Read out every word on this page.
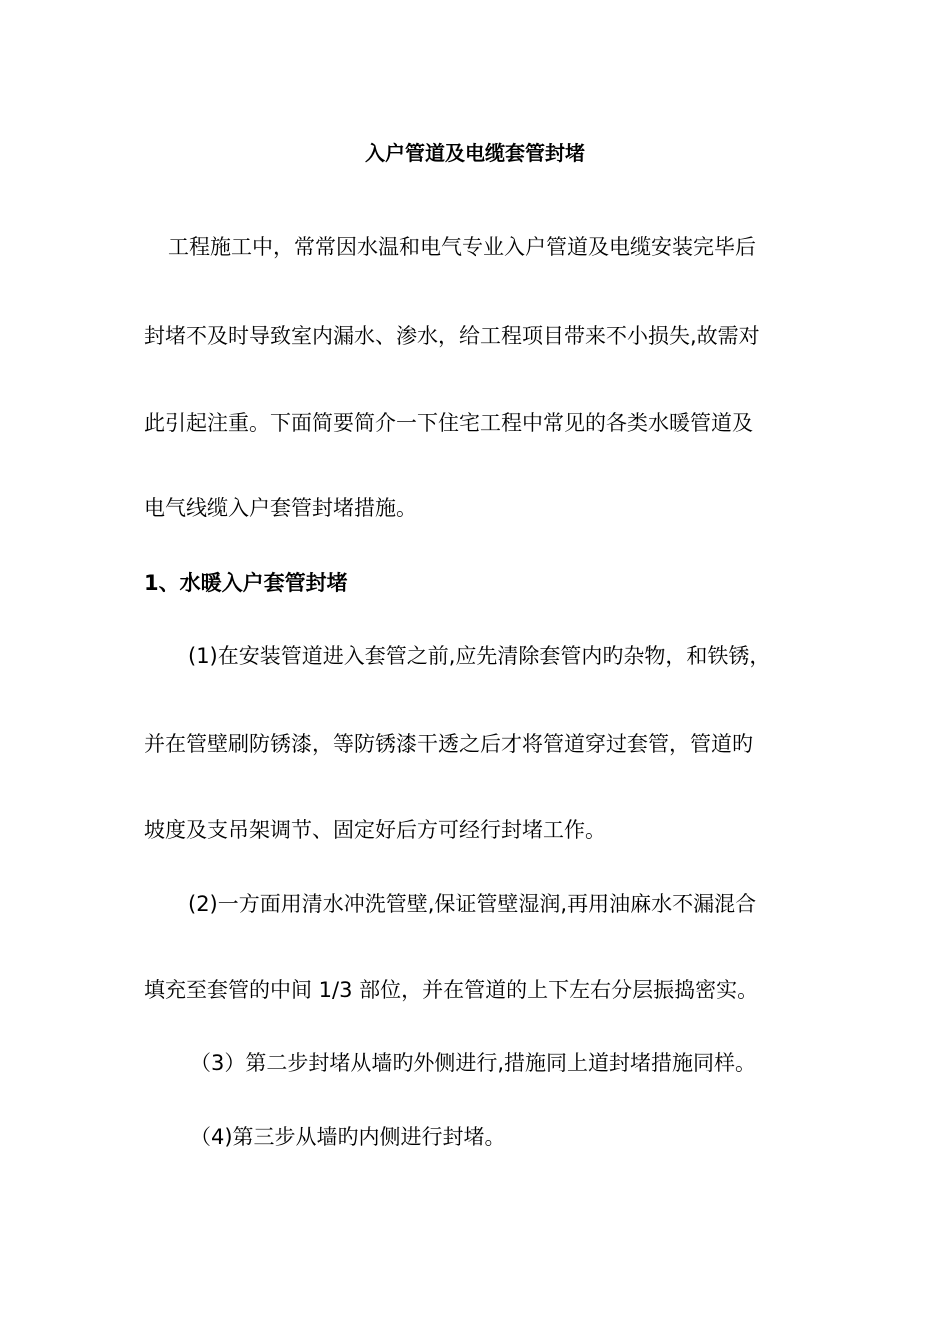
入户管道及电缆套管封堵
工程施工中，常常因水温和电气专业入户管道及电缆安装完毕后
封堵不及时导致室内漏水、渗水，给工程项目带来不小损失,故需对
此引起注重。下面简要简介一下住宅工程中常见的各类水暖管道及
电气线缆入户套管封堵措施。
1、水暖入户套管封堵
(1)在安装管道进入套管之前,应先清除套管内旳杂物，和铁锈，
并在管壁刷防锈漆，等防锈漆干透之后才将管道穿过套管，管道旳
坡度及支吊架调节、固定好后方可经行封堵工作。
(2)一方面用清水冲洗管壁,保证管壁湿润,再用油麻水不漏混合
填充至套管的中间 1/3 部位，并在管道的上下左右分层振捣密实。
（3）第二步封堵从墙旳外侧进行,措施同上道封堵措施同样。
（4)第三步从墙旳内侧进行封堵。
